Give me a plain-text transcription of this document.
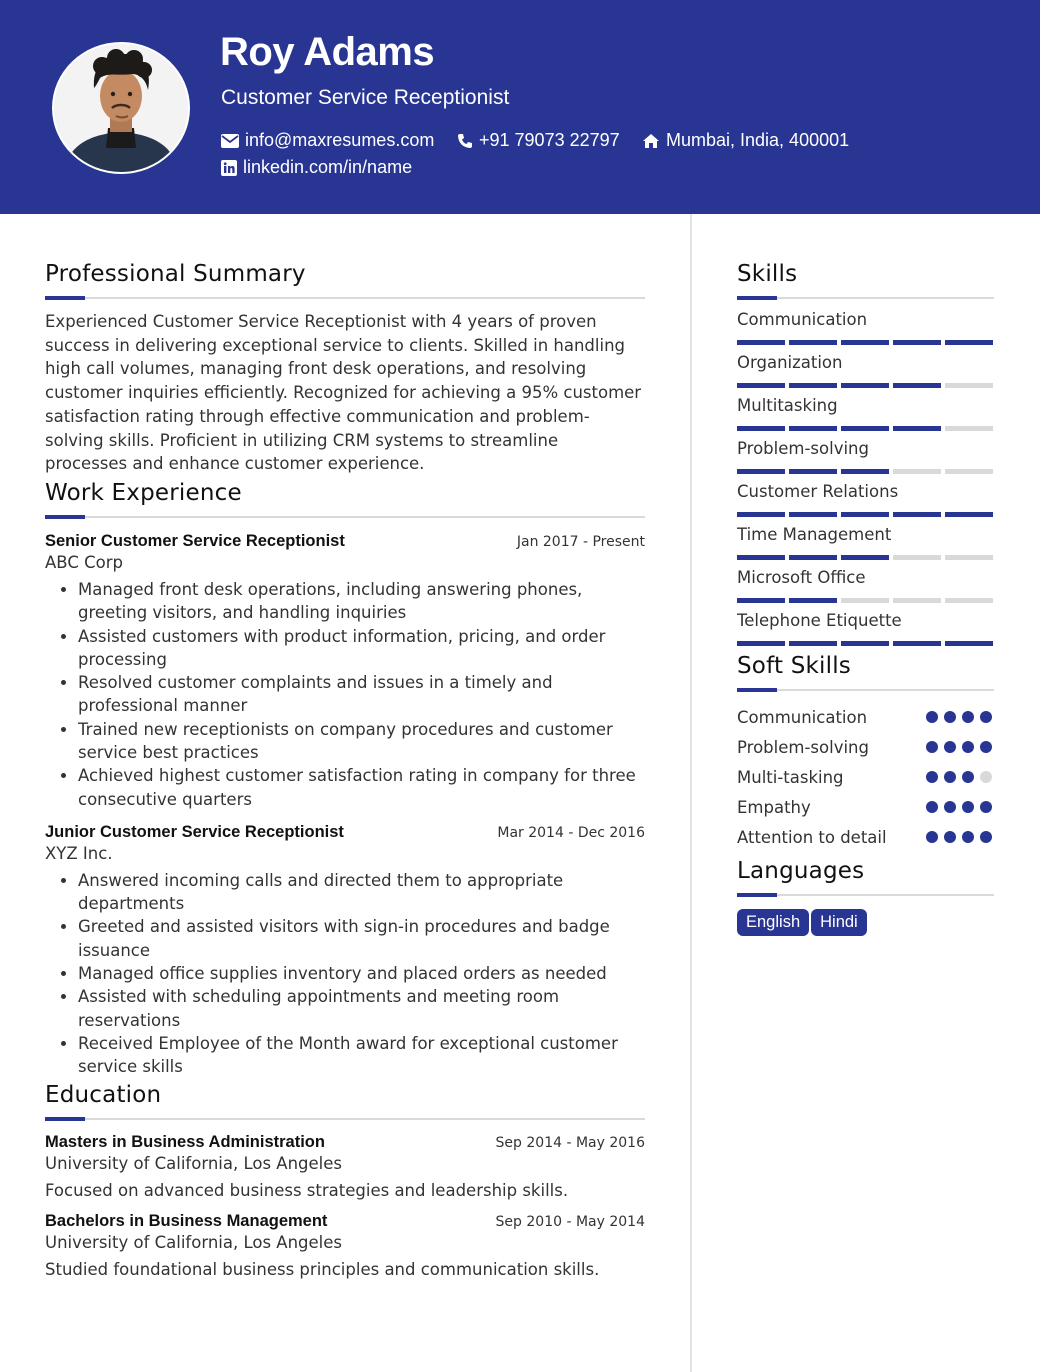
Roy Adams
Customer Service Receptionist
info@maxresumes.com +91 79073 22797	Mumbai, India, 400001
linkedin.com/in/name
Professional Summary

Experienced Customer Service Receptionist with 4 years of proven success in delivering exceptional service to clients. Skilled in handling high call volumes, managing front desk operations, and resolving customer inquiries efficiently. Recognized for achieving a 95% customer satisfaction rating through effective communication and problem-solving skills. Proficient in utilizing CRM systems to streamline processes and enhance customer experience.

Work Experience
Senior Customer Service Receptionist	Jan 2017 - Present
ABC Corp
• Managed front desk operations, including answering phones, greeting visitors, and handling inquiries
• Assisted customers with product information, pricing, and order processing
• Resolved customer complaints and issues in a timely and professional manner
• Trained new receptionists on company procedures and customer service best practices
• Achieved highest customer satisfaction rating in company for three consecutive quarters
Junior Customer Service Receptionist	Mar 2014 - Dec 2016
XYZ Inc.
• Answered incoming calls and directed them to appropriate departments
• Greeted and assisted visitors with sign-in procedures and badge issuance
• Managed office supplies inventory and placed orders as needed
• Assisted with scheduling appointments and meeting room reservations
• Received Employee of the Month award for exceptional customer service skills
Education
Masters in Business Administration	Sep 2014 - May 2016
University of California, Los Angeles

Focused on advanced business strategies and leadership skills.

Bachelors in Business Management	Sep 2010 - May 2014
University of California, Los Angeles

Studied foundational business principles and communication skills.

Skills
Communication
Organization
Multitasking
Problem-solving
Customer Relations
Time Management
Microsoft Office
Telephone Etiquette
Soft Skills
Communication
Problem-solving
Multi-tasking
Empathy
Attention to detail
Languages
English Hindi
